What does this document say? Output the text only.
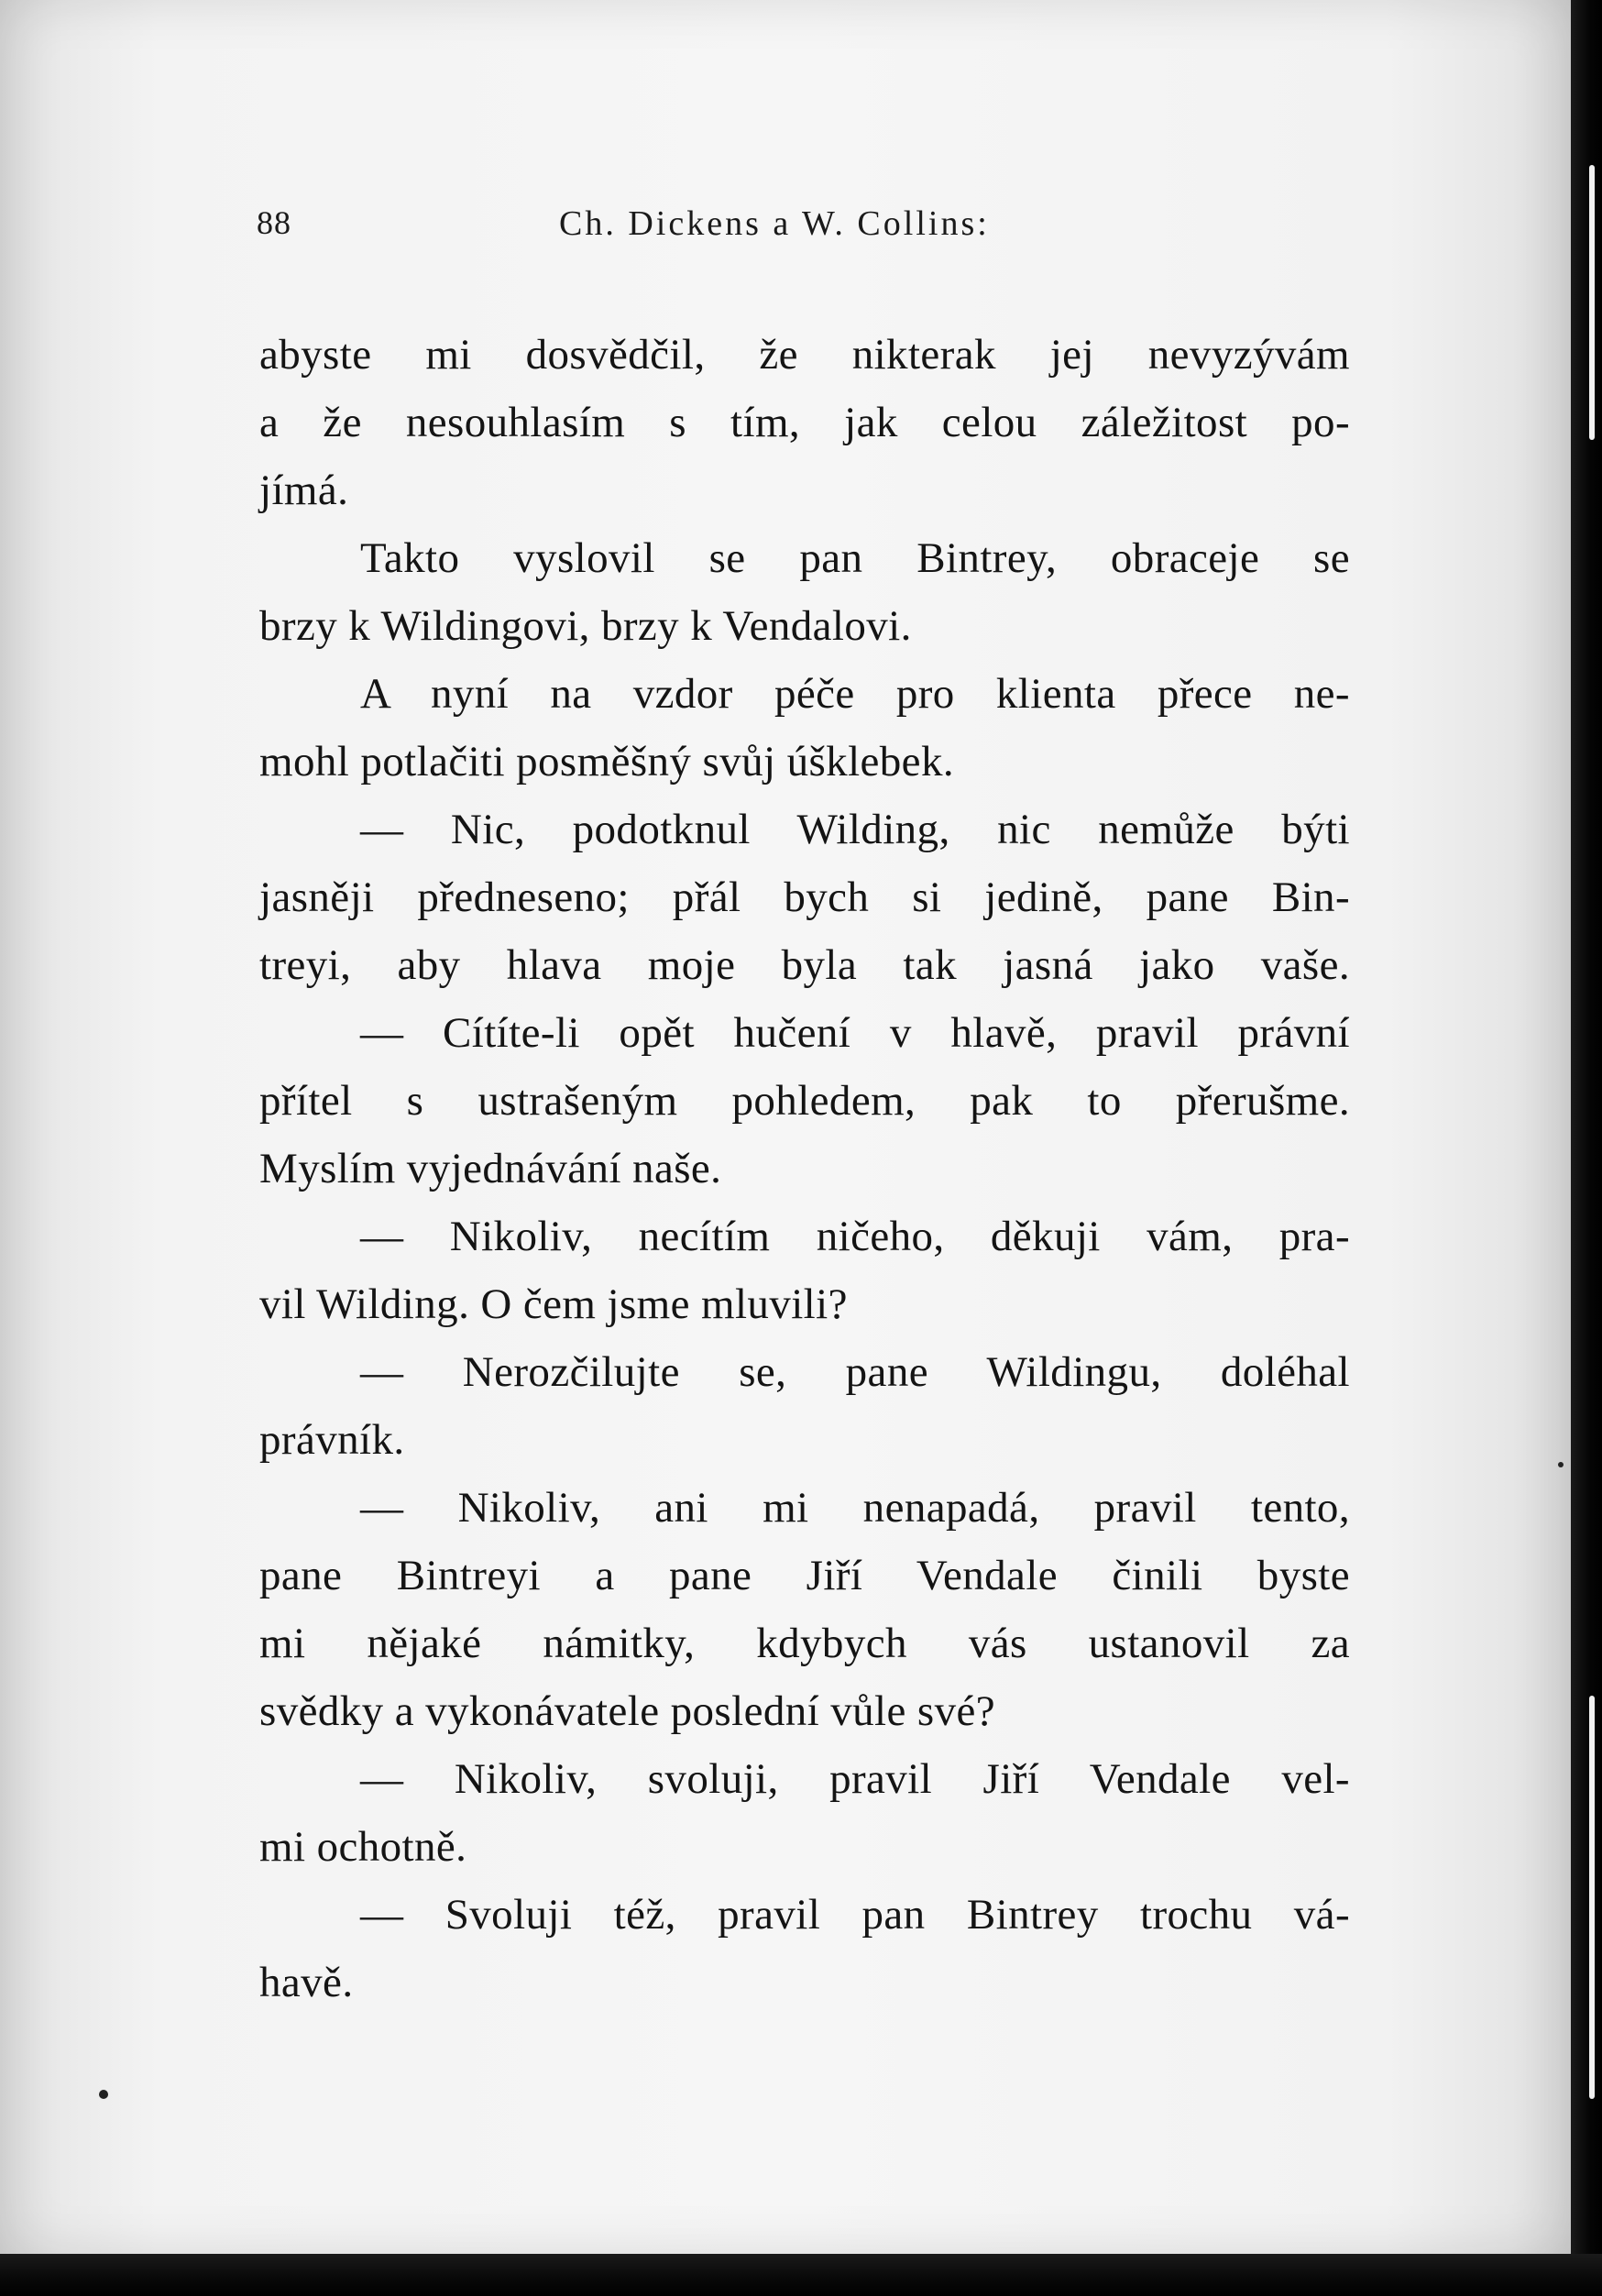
88	Ch. Dickens a W. Collins:
abyste mi dosvědčil, že nikterak jej nevyzývám
a že nesouhlasím s tím, jak celou záležitost po-
jímá.
Takto vyslovil se pan Bintrey, obraceje se
brzy k Wildingovi, brzy k Vendalovi.
A nyní na vzdor péče pro klienta přece ne-
mohl potlačiti posměšný svůj úšklebek.
— Nic, podotknul Wilding, nic nemůže býti
jasněji předneseno; přál bych si jedině, pane Bin-
treyi, aby hlava moje byla tak jasná jako vaše.
— Cítíte-li opět hučení v hlavě, pravil právní
přítel s ustrašeným pohledem, pak to přerušme.
Myslím vyjednávání naše.
— Nikoliv, necítím ničeho, děkuji vám, pra-
vil Wilding. O čem jsme mluvili?
— Nerozčilujte se, pane Wildingu, doléhal
právník.
— Nikoliv, ani mi nenapadá, pravil tento,
pane Bintreyi a pane Jiří Vendale činili byste
mi nějaké námitky, kdybych vás ustanovil za
svědky a vykonávatele poslední vůle své?
— Nikoliv, svoluji, pravil Jiří Vendale vel-
mi ochotně.
— Svoluji též, pravil pan Bintrey trochu vá-
havě.
